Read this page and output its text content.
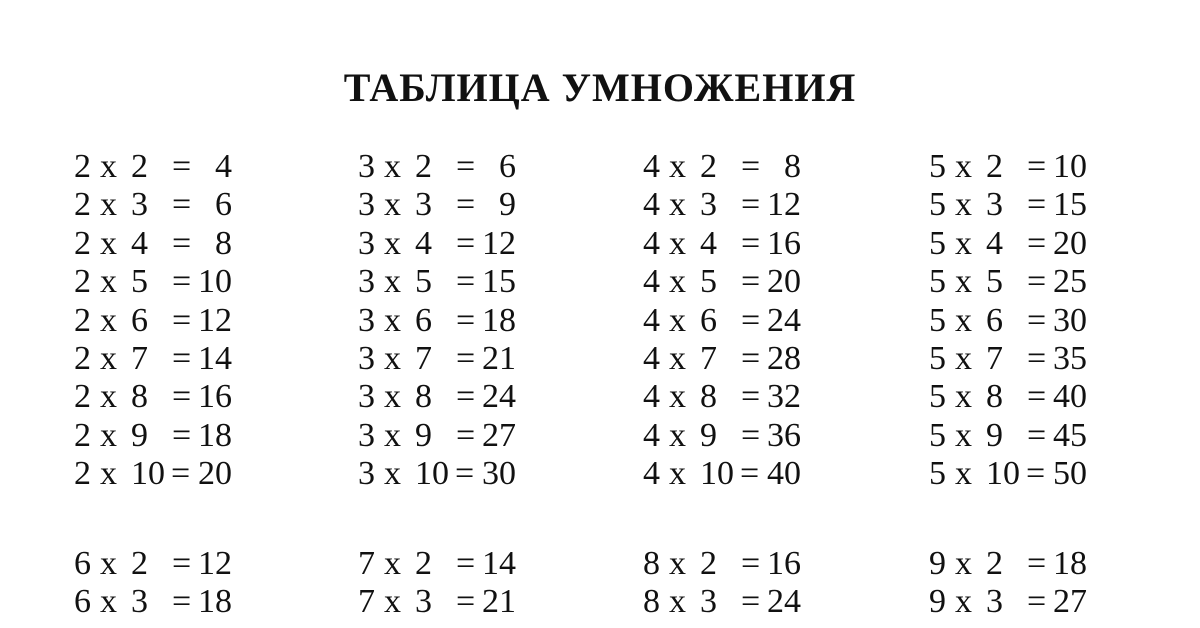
ТАБЛИЦА УМНОЖЕНИЯ
2 x 2 = 4
2 x 3 = 6
2 x 4 = 8
2 x 5 = 10
2 x 6 = 12
2 x 7 = 14
2 x 8 = 16
2 x 9 = 18
2 x 10 = 20
3 x 2 = 6
3 x 3 = 9
3 x 4 = 12
3 x 5 = 15
3 x 6 = 18
3 x 7 = 21
3 x 8 = 24
3 x 9 = 27
3 x 10 = 30
4 x 2 = 8
4 x 3 = 12
4 x 4 = 16
4 x 5 = 20
4 x 6 = 24
4 x 7 = 28
4 x 8 = 32
4 x 9 = 36
4 x 10 = 40
5 x 2 = 10
5 x 3 = 15
5 x 4 = 20
5 x 5 = 25
5 x 6 = 30
5 x 7 = 35
5 x 8 = 40
5 x 9 = 45
5 x 10 = 50
6 x 2 = 12
6 x 3 = 18
7 x 2 = 14
7 x 3 = 21
8 x 2 = 16
8 x 3 = 24
9 x 2 = 18
9 x 3 = 27
